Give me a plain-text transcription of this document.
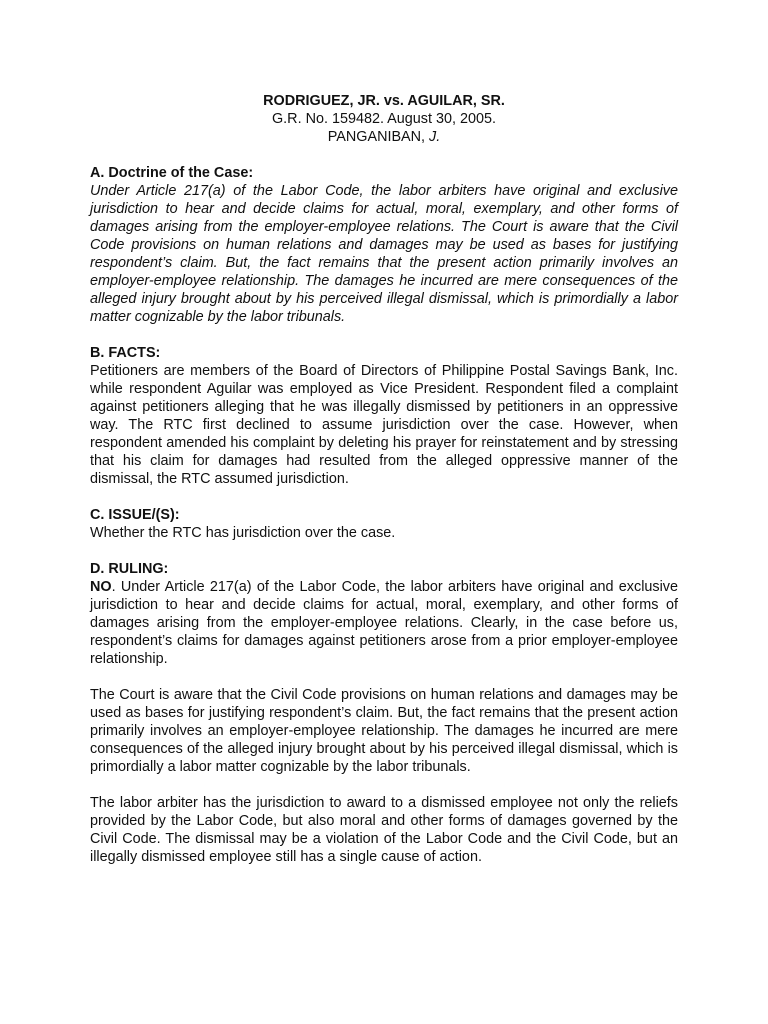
RODRIGUEZ, JR. vs. AGUILAR, SR.
G.R. No. 159482. August 30, 2005.
PANGANIBAN, J.
A. Doctrine of the Case:

Under Article 217(a) of the Labor Code, the labor arbiters have original and exclusive jurisdiction to hear and decide claims for actual, moral, exemplary, and other forms of damages arising from the employer-employee relations. The Court is aware that the Civil Code provisions on human relations and damages may be used as bases for justifying respondent’s claim. But, the fact remains that the present action primarily involves an employer-employee relationship. The damages he incurred are mere consequences of the alleged injury brought about by his perceived illegal dismissal, which is primordially a labor matter cognizable by the labor tribunals.

B. FACTS:

Petitioners are members of the Board of Directors of Philippine Postal Savings Bank, Inc. while respondent Aguilar was employed as Vice President. Respondent filed a complaint against petitioners alleging that he was illegally dismissed by petitioners in an oppressive way. The RTC first declined to assume jurisdiction over the case. However, when respondent amended his complaint by deleting his prayer for reinstatement and by stressing that his claim for damages had resulted from the alleged oppressive manner of the dismissal, the RTC assumed jurisdiction.

C. ISSUE/(S):

Whether the RTC has jurisdiction over the case.

D. RULING:

NO. Under Article 217(a) of the Labor Code, the labor arbiters have original and exclusive jurisdiction to hear and decide claims for actual, moral, exemplary, and other forms of damages arising from the employer-employee relations. Clearly, in the case before us, respondent’s claims for damages against petitioners arose from a prior employer-employee relationship.

The Court is aware that the Civil Code provisions on human relations and damages may be used as bases for justifying respondent’s claim. But, the fact remains that the present action primarily involves an employer-employee relationship. The damages he incurred are mere consequences of the alleged injury brought about by his perceived illegal dismissal, which is primordially a labor matter cognizable by the labor tribunals.

The labor arbiter has the jurisdiction to award to a dismissed employee not only the reliefs provided by the Labor Code, but also moral and other forms of damages governed by the Civil Code. The dismissal may be a violation of the Labor Code and the Civil Code, but an illegally dismissed employee still has a single cause of action.
